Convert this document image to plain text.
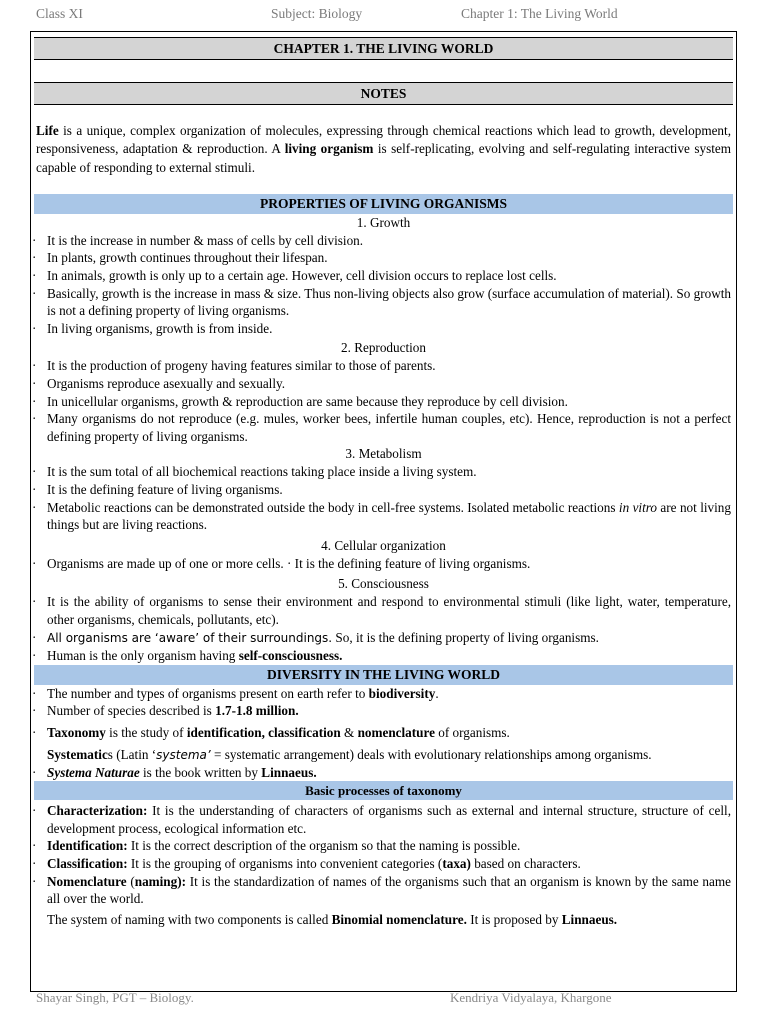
Class XI	Subject: Biology	Chapter 1: The Living World
CHAPTER 1. THE LIVING WORLD
NOTES
Life is a unique, complex organization of molecules, expressing through chemical reactions which lead to growth, development, responsiveness, adaptation & reproduction. A living organism is self-replicating, evolving and self-regulating interactive system capable of responding to external stimuli.
PROPERTIES OF LIVING ORGANISMS
1. Growth
· It is the increase in number & mass of cells by cell division.
· In plants, growth continues throughout their lifespan.
· In animals, growth is only up to a certain age. However, cell division occurs to replace lost cells.
· Basically, growth is the increase in mass & size. Thus non-living objects also grow (surface accumulation of material). So growth is not a defining property of living organisms.
· In living organisms, growth is from inside.
2. Reproduction
· It is the production of progeny having features similar to those of parents.
· Organisms reproduce asexually and sexually.
· In unicellular organisms, growth & reproduction are same because they reproduce by cell division.
· Many organisms do not reproduce (e.g. mules, worker bees, infertile human couples, etc). Hence, reproduction is not a perfect defining property of living organisms.
3. Metabolism
· It is the sum total of all biochemical reactions taking place inside a living system.
· It is the defining feature of living organisms.
· Metabolic reactions can be demonstrated outside the body in cell-free systems. Isolated metabolic reactions in vitro are not living things but are living reactions.
4. Cellular organization
· Organisms are made up of one or more cells. · It is the defining feature of living organisms.
5. Consciousness
· It is the ability of organisms to sense their environment and respond to environmental stimuli (like light, water, temperature, other organisms, chemicals, pollutants, etc).
· All organisms are ‘aware’ of their surroundings. So, it is the defining property of living organisms.
· Human is the only organism having self-consciousness.
DIVERSITY IN THE LIVING WORLD
· The number and types of organisms present on earth refer to biodiversity.
· Number of species described is 1.7-1.8 million.
· Taxonomy is the study of identification, classification & nomenclature of organisms.
Systematics (Latin ‘systema’ = systematic arrangement) deals with evolutionary relationships among organisms.
· Systema Naturae is the book written by Linnaeus.
Basic processes of taxonomy
· Characterization: It is the understanding of characters of organisms such as external and internal structure, structure of cell, development process, ecological information etc.
· Identification: It is the correct description of the organism so that the naming is possible.
· Classification: It is the grouping of organisms into convenient categories (taxa) based on characters.
· Nomenclature (naming): It is the standardization of names of the organisms such that an organism is known by the same name all over the world.
The system of naming with two components is called Binomial nomenclature. It is proposed by Linnaeus.
Shayar Singh, PGT – Biology.	Kendriya Vidyalaya, Khargone
